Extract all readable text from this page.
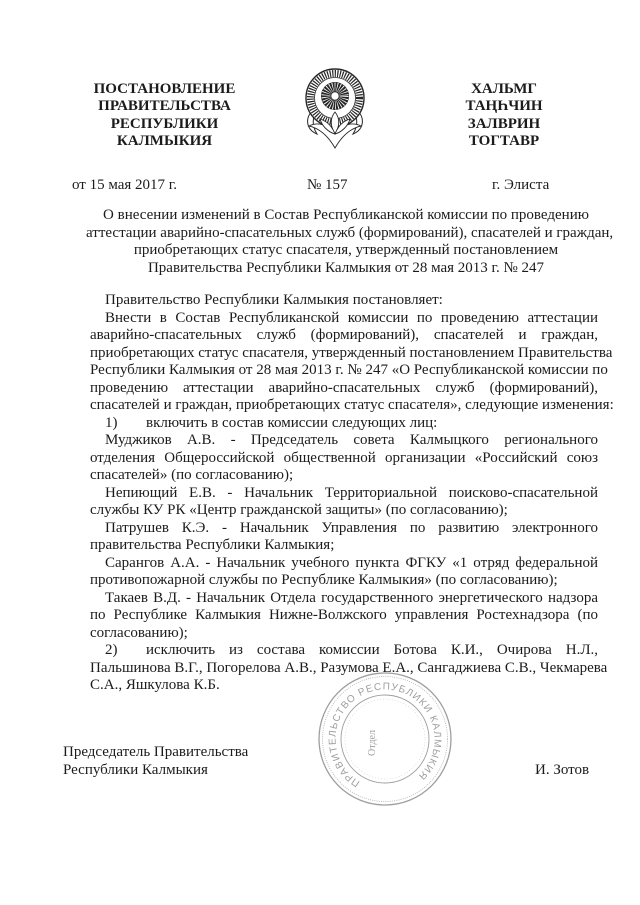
ПОСТАНОВЛЕНИЕ
ПРАВИТЕЛЬСТВА
РЕСПУБЛИКИ
КАЛМЫКИЯ
ХАЛЬМГ
ТАҢҺЧИН
ЗАЛВРИН
ТОГТАВР
от 15 мая 2017 г.	№ 157	г. Элиста
О внесении изменений в Состав Республиканской комиссии по проведению
аттестации аварийно-спасательных служб (формирований), спасателей и граждан,
приобретающих статус спасателя, утвержденный постановлением
Правительства Республики Калмыкия от 28 мая 2013 г. № 247
Правительство Республики Калмыкия постановляет:
Внести в Состав Республиканской комиссии по проведению аттестации
аварийно-спасательных служб (формирований), спасателей и граждан,
приобретающих статус спасателя, утвержденный постановлением Правительства
Республики Калмыкия от 28 мая 2013 г. № 247 «О Республиканской комиссии по
проведению аттестации аварийно-спасательных служб (формирований),
спасателей и граждан, приобретающих статус спасателя», следующие изменения:
1)	включить в состав комиссии следующих лиц:
Муджиков А.В. - Председатель совета Калмыцкого регионального
отделения Общероссийской общественной организации «Российский союз
спасателей» (по согласованию);
Непиющий Е.В. - Начальник Территориальной поисково-спасательной
службы КУ РК «Центр гражданской защиты» (по согласованию);
Патрушев К.Э. - Начальник Управления по развитию электронного
правительства Республики Калмыкия;
Сарангов А.А. - Начальник учебного пункта ФГКУ «1 отряд федеральной
противопожарной службы по Республике Калмыкия» (по согласованию);
Такаев В.Д. - Начальник Отдела государственного энергетического надзора
по Республике Калмыкия Нижне-Волжского управления Ростехнадзора (по
согласованию);
2)	исключить из состава комиссии Ботова К.И., Очирова Н.Л.,
Пальшинова В.Г., Погорелова А.В., Разумова Е.А., Сангаджиева С.В., Чекмарева
С.А., Яшкулова К.Б.
Председатель Правительства
Республики Калмыкия	И. Зотов
ПРАВИТЕЛЬСТВО РЕСПУБЛИКИ КАЛМЫКИЯ
Отдел
